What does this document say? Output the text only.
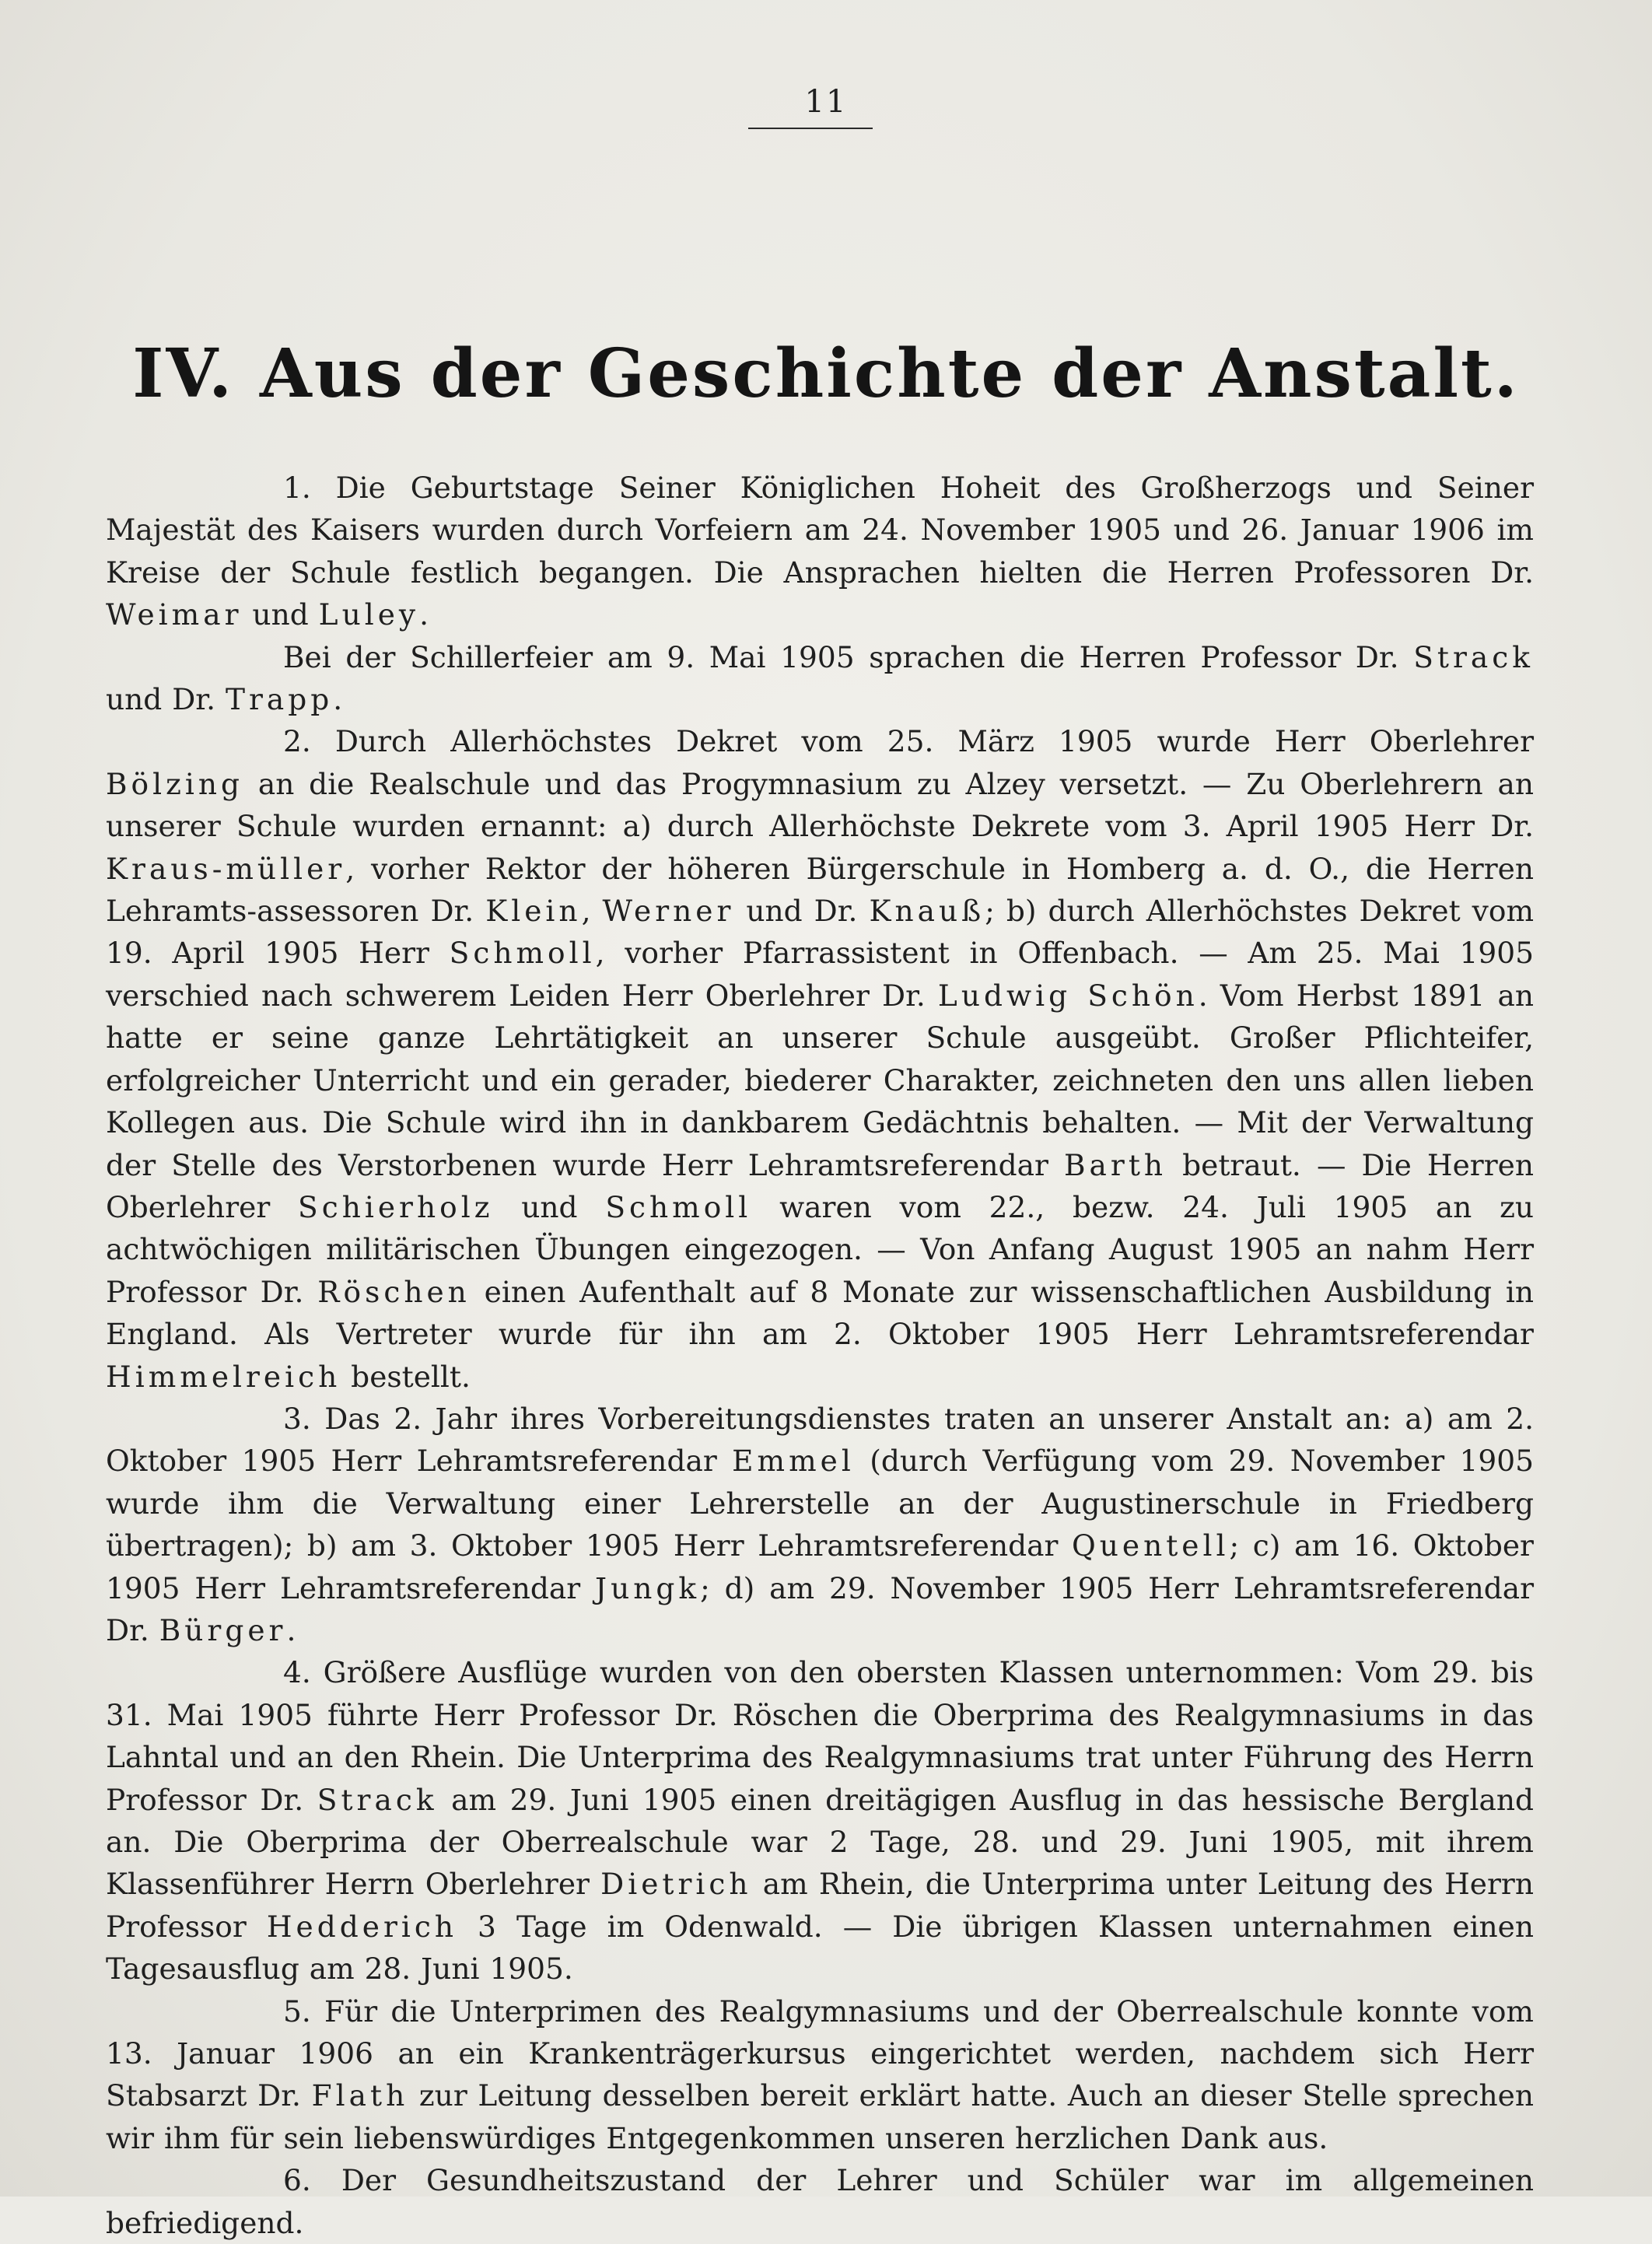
11
IV. Aus der Geschichte der Anstalt.

1. Die Geburtstage Seiner Königlichen Hoheit des Großherzogs und Seiner Majestät des Kaisers wurden durch Vorfeiern am 24. November 1905 und 26. Januar 1906 im Kreise der Schule festlich begangen. Die Ansprachen hielten die Herren Professoren Dr. Weimar und Luley.

Bei der Schillerfeier am 9. Mai 1905 sprachen die Herren Professor Dr. Strack und Dr. Trapp.

2. Durch Allerhöchstes Dekret vom 25. März 1905 wurde Herr Oberlehrer Bölzing an die Realschule und das Progymnasium zu Alzey versetzt. — Zu Oberlehrern an unserer Schule wurden ernannt: a) durch Allerhöchste Dekrete vom 3. April 1905 Herr Dr. Kraus-müller, vorher Rektor der höheren Bürgerschule in Homberg a. d. O., die Herren Lehramts-assessoren Dr. Klein, Werner und Dr. Knauß; b) durch Allerhöchstes Dekret vom 19. April 1905 Herr Schmoll, vorher Pfarrassistent in Offenbach. — Am 25. Mai 1905 verschied nach schwerem Leiden Herr Oberlehrer Dr. Ludwig Schön. Vom Herbst 1891 an hatte er seine ganze Lehrtätigkeit an unserer Schule ausgeübt. Großer Pflichteifer, erfolgreicher Unterricht und ein gerader, biederer Charakter, zeichneten den uns allen lieben Kollegen aus. Die Schule wird ihn in dankbarem Gedächtnis behalten. — Mit der Verwaltung der Stelle des Verstorbenen wurde Herr Lehramtsreferendar Barth betraut. — Die Herren Oberlehrer Schierholz und Schmoll waren vom 22., bezw. 24. Juli 1905 an zu achtwöchigen militärischen Übungen eingezogen. — Von Anfang August 1905 an nahm Herr Professor Dr. Röschen einen Aufenthalt auf 8 Monate zur wissenschaftlichen Ausbildung in England. Als Vertreter wurde für ihn am 2. Oktober 1905 Herr Lehramtsreferendar Himmelreich bestellt.

3. Das 2. Jahr ihres Vorbereitungsdienstes traten an unserer Anstalt an: a) am 2. Oktober 1905 Herr Lehramtsreferendar Emmel (durch Verfügung vom 29. November 1905 wurde ihm die Verwaltung einer Lehrerstelle an der Augustinerschule in Friedberg übertragen); b) am 3. Oktober 1905 Herr Lehramtsreferendar Quentell; c) am 16. Oktober 1905 Herr Lehramtsreferendar Jungk; d) am 29. November 1905 Herr Lehramtsreferendar Dr. Bürger.

4. Größere Ausflüge wurden von den obersten Klassen unternommen: Vom 29. bis 31. Mai 1905 führte Herr Professor Dr. Röschen die Oberprima des Realgymnasiums in das Lahntal und an den Rhein. Die Unterprima des Realgymnasiums trat unter Führung des Herrn Professor Dr. Strack am 29. Juni 1905 einen dreitägigen Ausflug in das hessische Bergland an. Die Oberprima der Oberrealschule war 2 Tage, 28. und 29. Juni 1905, mit ihrem Klassenführer Herrn Oberlehrer Dietrich am Rhein, die Unterprima unter Leitung des Herrn Professor Hedderich 3 Tage im Odenwald. — Die übrigen Klassen unternahmen einen Tagesausflug am 28. Juni 1905.

5. Für die Unterprimen des Realgymnasiums und der Oberrealschule konnte vom 13. Januar 1906 an ein Krankenträgerkursus eingerichtet werden, nachdem sich Herr Stabsarzt Dr. Flath zur Leitung desselben bereit erklärt hatte. Auch an dieser Stelle sprechen wir ihm für sein liebenswürdiges Entgegenkommen unseren herzlichen Dank aus.

6. Der Gesundheitszustand der Lehrer und Schüler war im allgemeinen befriedigend.
